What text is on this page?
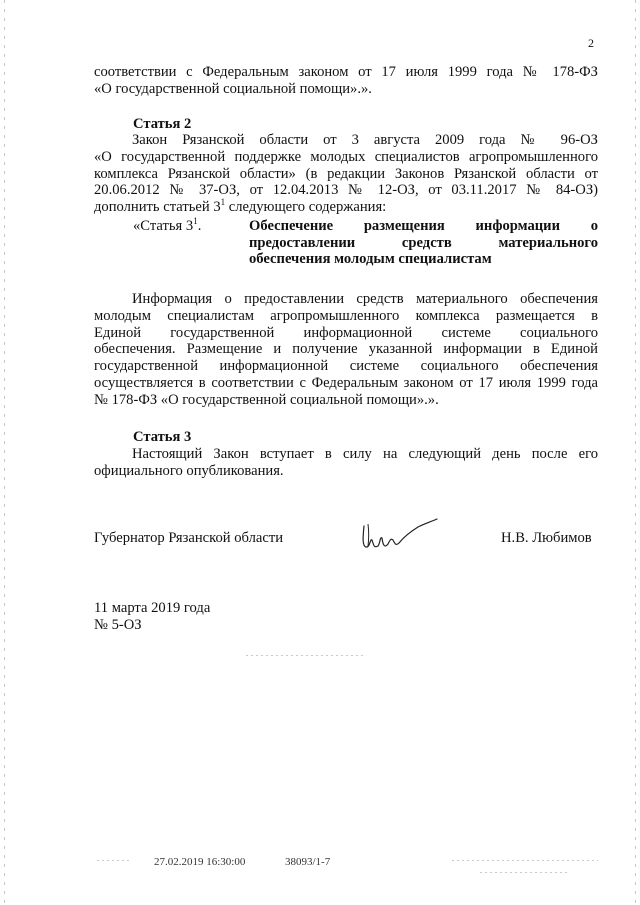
2
соответствии с Федеральным законом от 17 июля 1999 года № 178-ФЗ
«О государственной социальной помощи».».
Статья 2
Закон Рязанской области от 3 августа 2009 года № 96-ОЗ
«О государственной поддержке молодых специалистов агропромышленного
комплекса Рязанской области» (в редакции Законов Рязанской области от
20.06.2012 № 37-ОЗ, от 12.04.2013 № 12-ОЗ, от 03.11.2017 № 84-ОЗ)
дополнить статьей $3^1$ следующего содержания:
«Статья $3^1$.	Обеспечение размещения информации о
предоставлении средств материального
обеспечения молодым специалистам
Информация о предоставлении средств материального обеспечения
молодым специалистам агропромышленного комплекса размещается в
Единой государственной информационной системе социального
обеспечения. Размещение и получение указанной информации в Единой
государственной информационной системе социального обеспечения
осуществляется в соответствии с Федеральным законом от 17 июля 1999 года
№ 178-ФЗ «О государственной социальной помощи».».
Статья 3
Настоящий Закон вступает в силу на следующий день после его
официального опубликования.
Губернатор Рязанской области	Н.В. Любимов
11 марта 2019 года
№ 5-ОЗ
27.02.2019 16:30:00	38093/1-7
